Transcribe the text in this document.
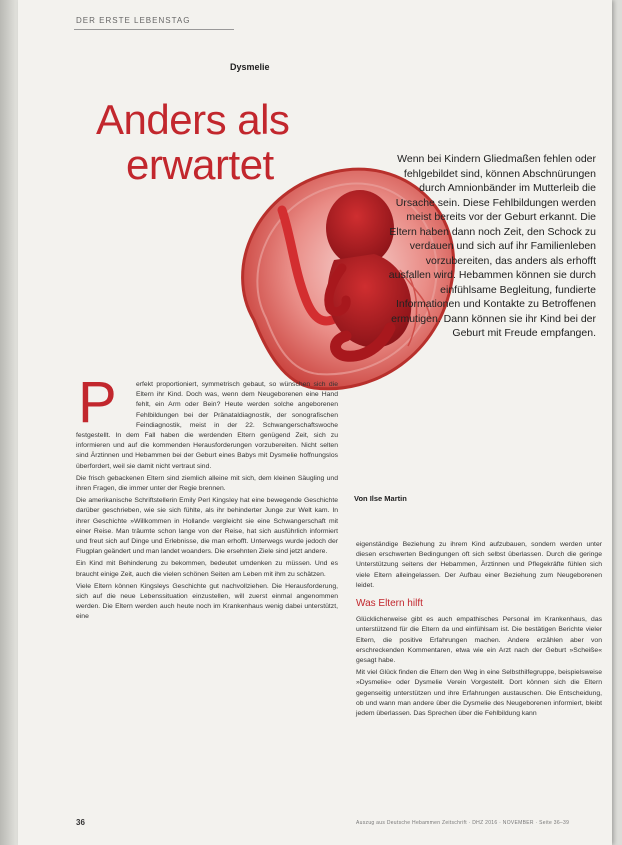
DER ERSTE LEBENSTAG
Dysmelie
Anders als
erwartet	Wenn bei Kindern Gliedmaßen fehlen oder fehlgebildet sind, können Abschnürungen durch Amnionbänder im Mutterleib die Ursache sein. Diese Fehlbildungen werden meist bereits vor der Geburt erkannt. Die Eltern haben dann noch Zeit, den Schock zu verdauen und sich auf ihr Familienleben vorzubereiten, das anders als erhofft ausfallen wird. Hebammen können sie durch einfühlsame Begleitung, fundierte Informationen und Kontakte zu Betroffenen ermutigen. Dann können sie ihr Kind bei der Geburt mit Freude empfangen.
P	erfekt proportioniert, symmetrisch gebaut, so wünschen sich die Eltern ihr Kind. Doch was, wenn dem Neugeborenen eine Hand fehlt, ein Arm oder Bein? Heute werden solche angeborenen Fehlbildungen bei der Pränataldiagnostik, der sonografischen Feindiagnostik, meist in der 22. Schwangerschaftswoche festgestellt. In dem Fall haben die werdenden Eltern genügend Zeit, sich zu informieren und auf die kommenden Herausforderungen vorzubereiten. Nicht selten sind Ärztinnen und Hebammen bei der Geburt eines Babys mit Dysmelie hoffnungslos überfordert, weil sie damit nicht vertraut sind.

Die frisch gebackenen Eltern sind ziemlich alleine mit sich, dem kleinen Säugling und ihren Fragen, die immer unter der Regie brennen.

Die amerikanische Schriftstellerin Emily Perl Kingsley hat eine bewegende Geschichte darüber geschrieben, wie sie sich fühlte, als ihr behinderter Junge zur Welt kam. In ihrer Geschichte »Willkommen in Holland« vergleicht sie eine Schwangerschaft mit einer Reise. Man träumte schon lange von der Reise, hat sich ausführlich informiert und freut sich auf Dinge und Erlebnisse, die man erhofft. Unterwegs wurde jedoch der Flugplan geändert und man landet woanders. Die ersehnten Ziele sind jetzt andere.

Ein Kind mit Behinderung zu bekommen, bedeutet umdenken zu müssen. Und es braucht einige Zeit, auch die vielen schönen Seiten am Leben mit ihm zu schätzen.

Viele Eltern können Kingsleys Geschichte gut nachvollziehen. Die Herausforderung, sich auf die neue Lebenssituation einzustellen, will zuerst einmal angenommen werden. Die Eltern werden auch heute noch im Krankenhaus wenig dabei unterstützt, eine

Von Ilse Martin

eigenständige Beziehung zu ihrem Kind aufzubauen, sondern werden unter diesen erschwerten Bedingungen oft sich selbst überlassen. Durch die geringe Unterstützung seitens der Hebammen, Ärztinnen und Pflegekräfte fühlen sich viele Eltern alleingelassen. Der Aufbau einer Beziehung zum Neugeborenen leidet.

Was Eltern hilft

Glücklicherweise gibt es auch empathisches Personal im Krankenhaus, das unterstützend für die Eltern da und einfühlsam ist. Die bestätigen Berichte vieler Eltern, die positive Erfahrungen machen. Andere erzählen aber von erschreckenden Kommentaren, etwa wie ein Arzt nach der Geburt »Scheiße« gesagt habe.

Mit viel Glück finden die Eltern den Weg in eine Selbsthilfegruppe, beispielsweise »Dysmelie« oder Dysmelie Verein Vorgestellt. Dort können sich die Eltern gegenseitig unterstützen und ihre Erfahrungen austauschen. Die Entscheidung, ob und wann man andere über die Dysmelie des Neugeborenen informiert, bleibt jedem überlassen. Das Sprechen über die Fehlbildung kann

36	Auszug aus Deutsche Hebammen Zeitschrift · DHZ 2016 · NOVEMBER · Seite 36–39
